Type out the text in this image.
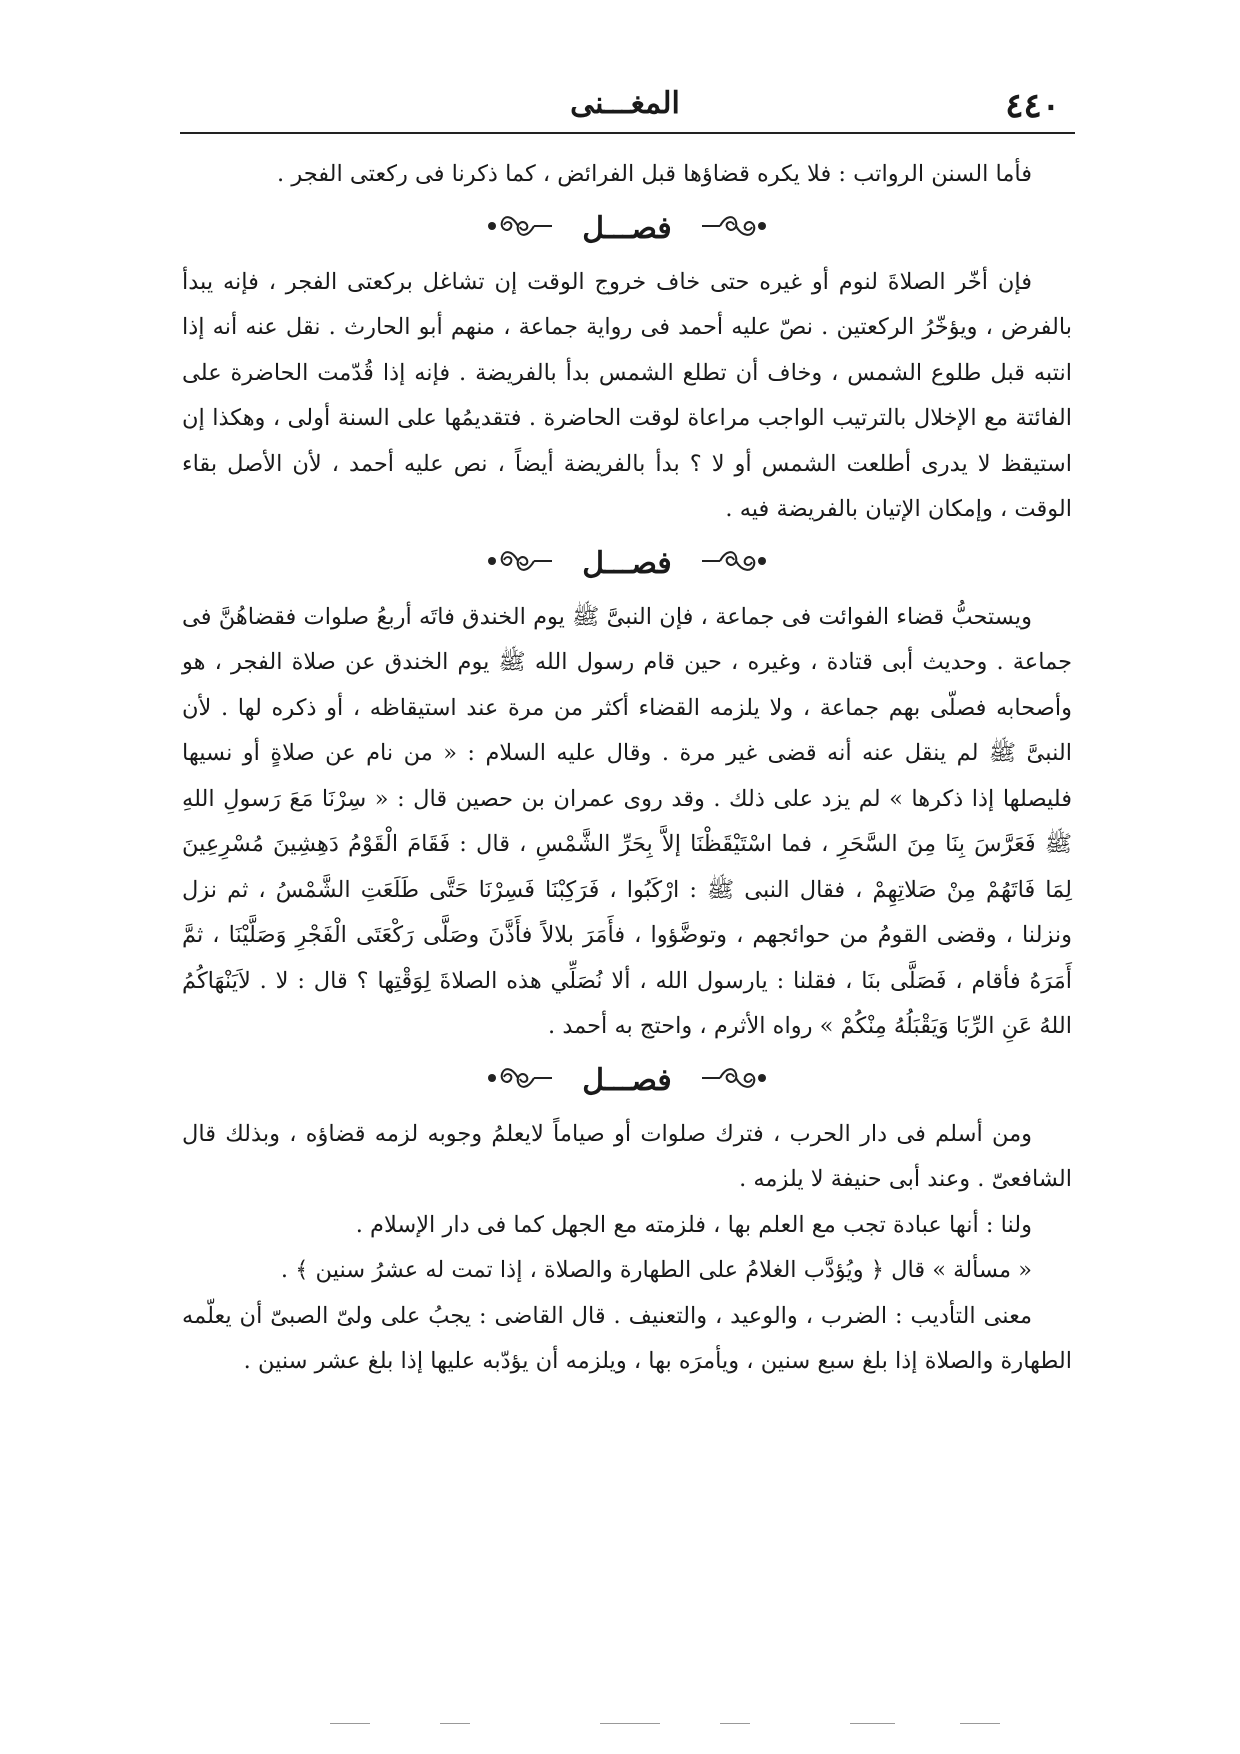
٤٤٠
المغـــنى

فأما السنن الرواتب : فلا يكره قضاؤها قبل الفرائض ، كما ذكرنا فى ركعتى الفجر .

فصـــل

فإن أخّر الصلاةَ لنوم أو غيره حتى خاف خروج الوقت إن تشاغل بركعتى الفجر ، فإنه يبدأ بالفرض ، ويؤخّرُ الركعتين . نصّ عليه أحمد فى رواية جماعة ، منهم أبو الحارث . نقل عنه أنه إذا انتبه قبل طلوع الشمس ، وخاف أن تطلع الشمس بدأ بالفريضة . فإنه إذا قُدّمت الحاضرة على الفائتة مع الإخلال بالترتيب الواجب مراعاة لوقت الحاضرة . فتقديمُها على السنة أولى ، وهكذا إن استيقظ لا يدرى أطلعت الشمس أو لا ؟ بدأ بالفريضة أيضاً ، نص عليه أحمد ، لأن الأصل بقاء الوقت ، وإمكان الإتيان بالفريضة فيه .

فصـــل

ويستحبُّ قضاء الفوائت فى جماعة ، فإن النبىَّ ﷺ يوم الخندق فاتَه أربعُ صلوات فقضاهُنَّ فى جماعة . وحديث أبى قتادة ، وغيره ، حين قام رسول الله ﷺ يوم الخندق عن صلاة الفجر ، هو وأصحابه فصلّى بهم جماعة ، ولا يلزمه القضاء أكثر من مرة عند استيقاظه ، أو ذكره لها . لأن النبىَّ ﷺ لم ينقل عنه أنه قضى غير مرة . وقال عليه السلام : « من نام عن صلاةٍ أو نسيها فليصلها إذا ذكرها » لم يزد على ذلك . وقد روى عمران بن حصين قال : « سِرْنَا مَعَ رَسولِ اللهِ ﷺ فَعَرَّسَ بِنَا مِنَ السَّحَرِ ، فما اسْتَيْقَظْنَا إلاَّ بِحَرِّ الشَّمْسِ ، قال : فَقَامَ الْقَوْمُ دَهِشِينَ مُسْرِعِينَ لِمَا فَاتَهُمْ مِنْ صَلاتِهِمْ ، فقال النبى ﷺ : ارْكَبُوا ، فَرَكِبْنَا فَسِرْنَا حَتَّى طَلَعَتِ الشَّمْسُ ، ثم نزل ونزلنا ، وقضى القومُ من حوائجهم ، وتوضَّؤوا ، فأَمَرَ بلالاً فأَذَّنَ وصَلَّى رَكْعَتَى الْفَجْرِ وَصَلَّيْنَا ، ثمَّ أَمَرَهُ فأقام ، فَصَلَّى بنَا ، فقلنا : يارسول الله ، ألا نُصَلِّي هذه الصلاةَ لِوَقْتِها ؟ قال : لا . لاَيَنْهَاكُمُ اللهُ عَنِ الرِّبَا وَيَقْبَلُهُ مِنْكُمْ » رواه الأثرم ، واحتج به أحمد .

فصـــل

ومن أسلم فى دار الحرب ، فترك صلوات أو صياماً لايعلمُ وجوبه لزمه قضاؤه ، وبذلك قال الشافعىّ . وعند أبى حنيفة لا يلزمه .

ولنا : أنها عبادة تجب مع العلم بها ، فلزمته مع الجهل كما فى دار الإسلام .

« مسألة » قال ﴿ ويُؤدَّب الغلامُ على الطهارة والصلاة ، إذا تمت له عشرُ سنين ﴾ .

معنى التأديب : الضرب ، والوعيد ، والتعنيف . قال القاضى : يجبُ على ولىّ الصبىّ أن يعلّمه الطهارة والصلاة إذا بلغ سبع سنين ، ويأمرَه بها ، ويلزمه أن يؤدّبه عليها إذا بلغ عشر سنين .
